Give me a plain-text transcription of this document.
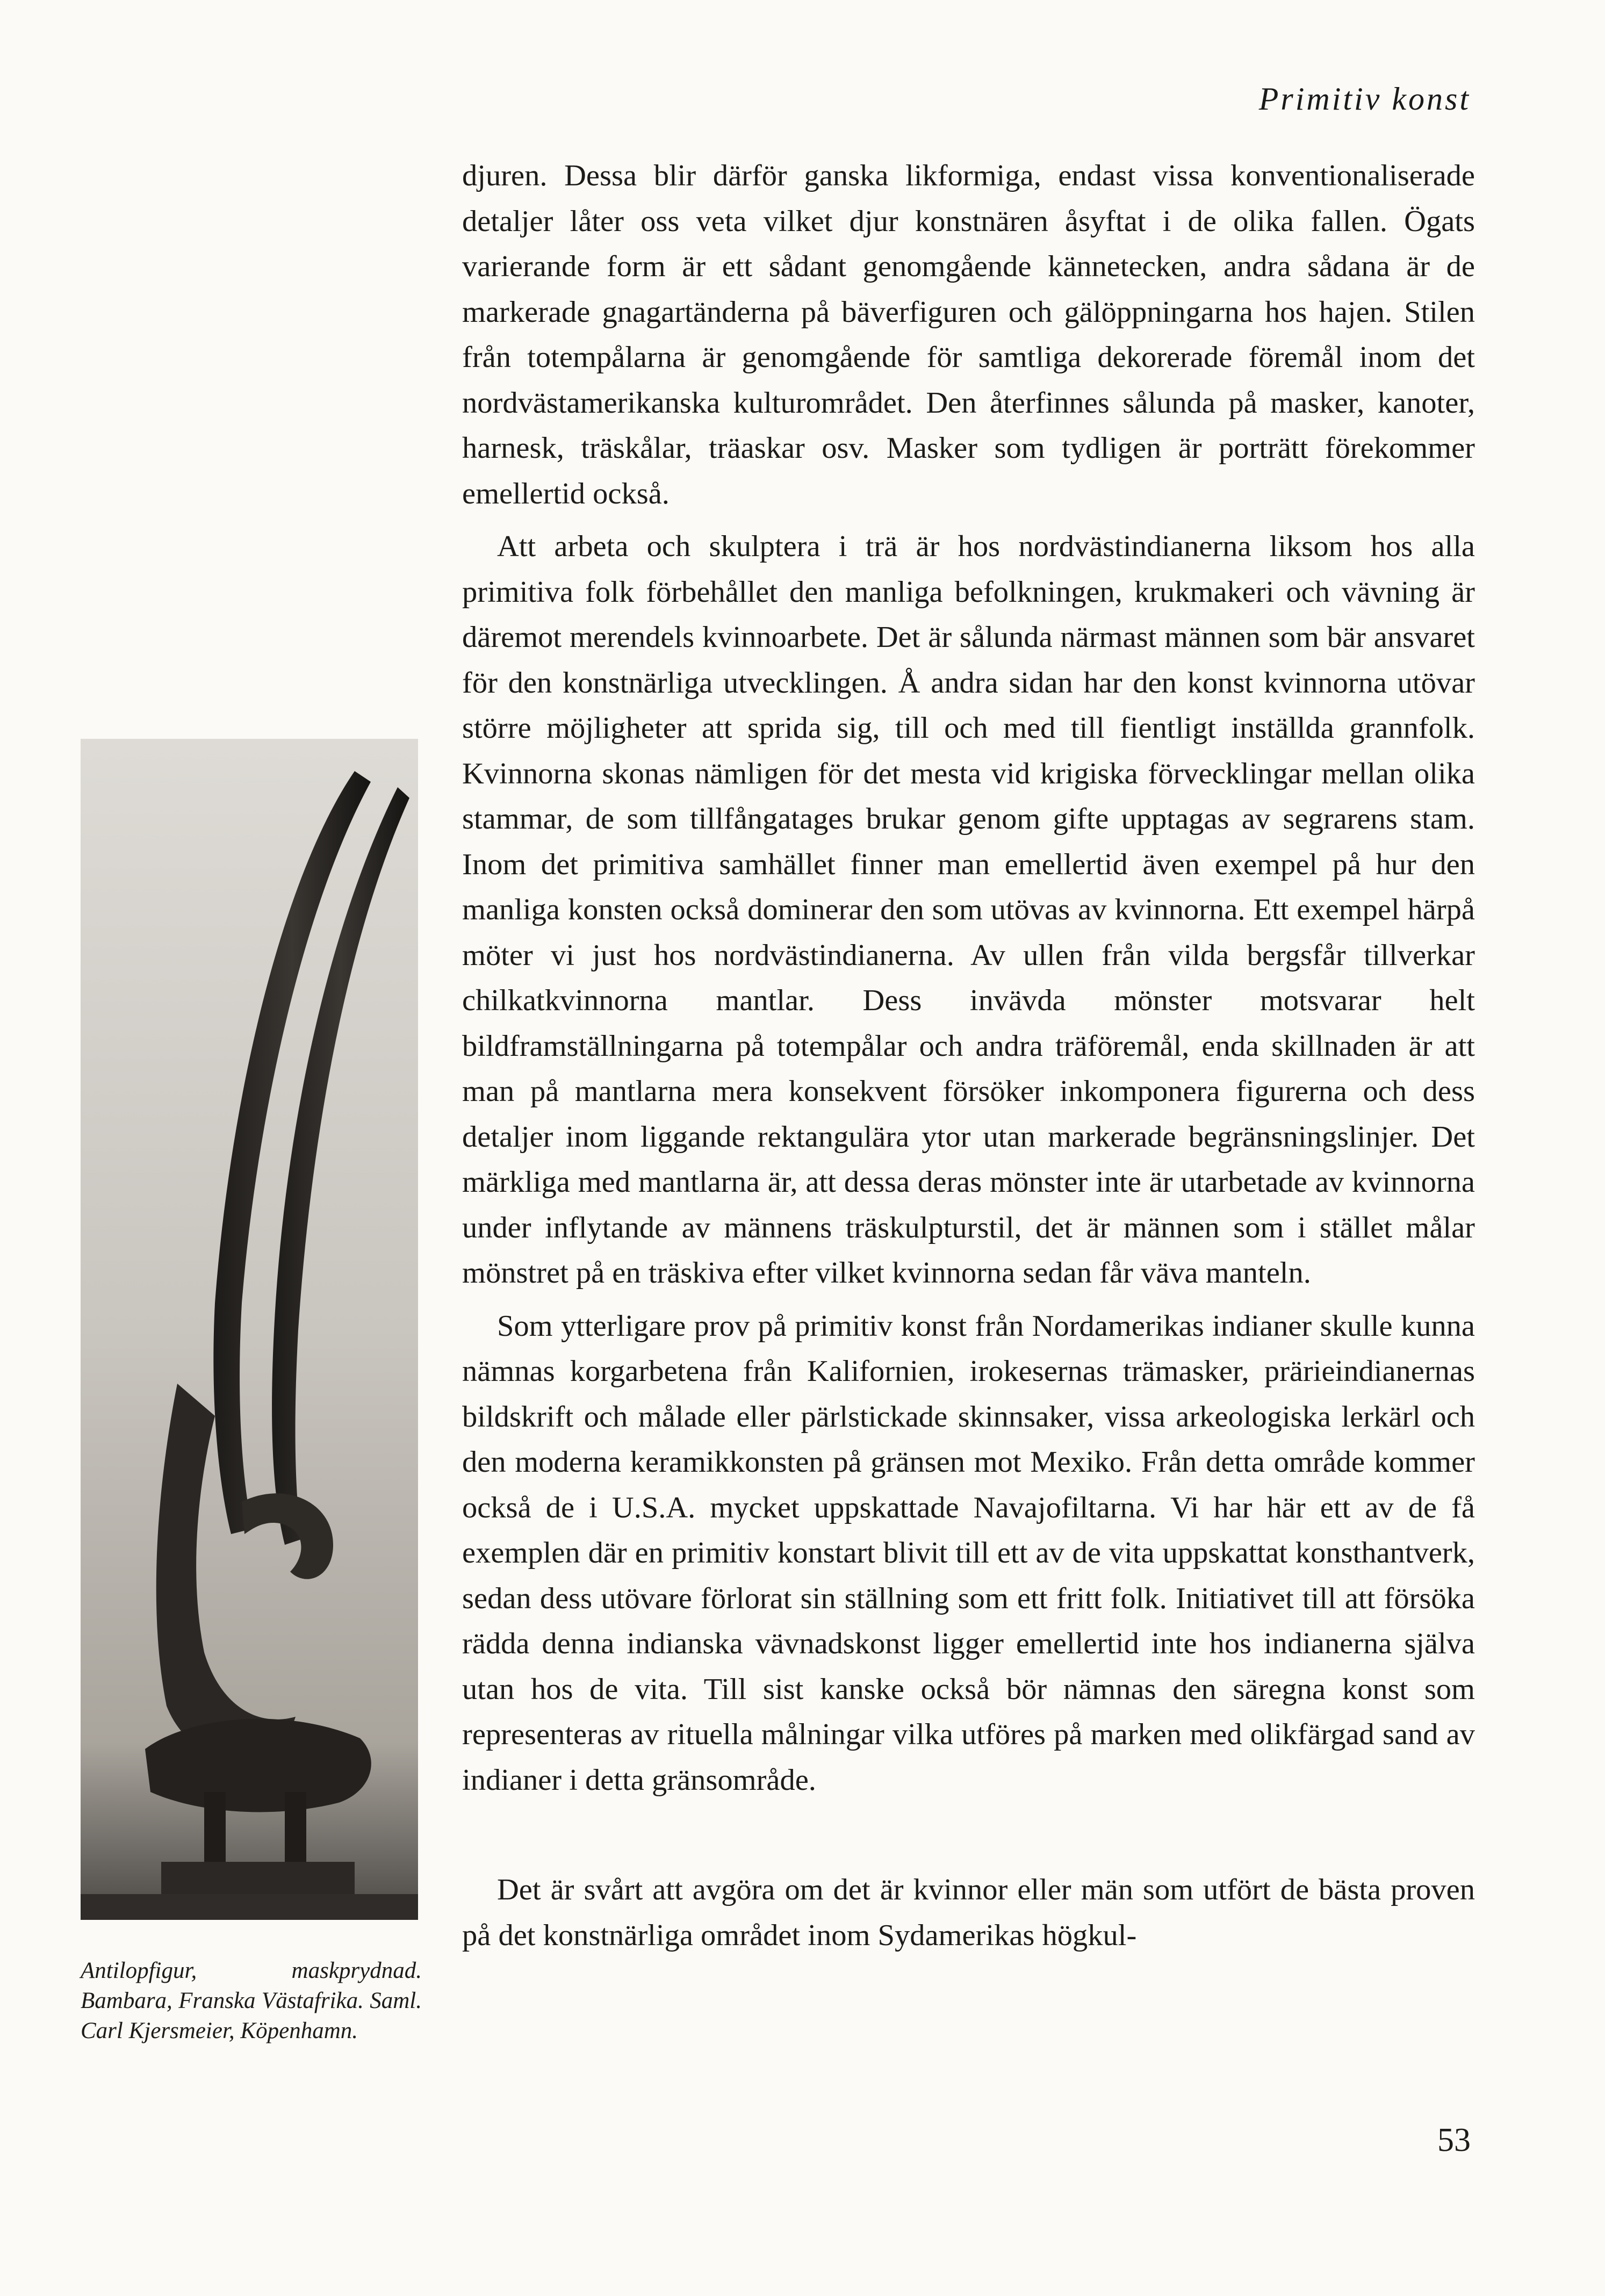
Primitiv konst

djuren. Dessa blir därför ganska likformiga, endast vissa konventionaliserade detaljer låter oss veta vilket djur konstnären åsyftat i de olika fallen. Ögats varierande form är ett sådant genomgående kännetecken, andra sådana är de markerade gnagartänderna på bäverfiguren och gälöppningarna hos hajen. Stilen från totempålarna är genomgående för samtliga dekorerade föremål inom det nordvästamerikanska kulturområdet. Den återfinnes sålunda på masker, kanoter, harnesk, träskålar, träaskar osv. Masker som tydligen är porträtt förekommer emellertid också.

Att arbeta och skulptera i trä är hos nordvästindianerna liksom hos alla primitiva folk förbehållet den manliga befolkningen, krukmakeri och vävning är däremot merendels kvinnoarbete. Det är sålunda närmast männen som bär ansvaret för den konstnärliga utvecklingen. Å andra sidan har den konst kvinnorna utövar större möjligheter att sprida sig, till och med till fientligt inställda grannfolk. Kvinnorna skonas nämligen för det mesta vid krigiska förvecklingar mellan olika stammar, de som tillfångatages brukar genom gifte upptagas av segrarens stam. Inom det primitiva samhället finner man emellertid även exempel på hur den manliga konsten också dominerar den som utövas av kvinnorna. Ett exempel härpå möter vi just hos nordvästindianerna. Av ullen från vilda bergsfår tillverkar chilkatkvinnorna mantlar. Dess invävda mönster motsvarar helt bildframställningarna på totempålar och andra träföremål, enda skillnaden är att man på mantlarna mera konsekvent försöker inkomponera figurerna och dess detaljer inom liggande rektangulära ytor utan markerade begränsningslinjer. Det märkliga med mantlarna är, att dessa deras mönster inte är utarbetade av kvinnorna under inflytande av männens träskulpturstil, det är männen som i stället målar mönstret på en träskiva efter vilket kvinnorna sedan får väva manteln.

Som ytterligare prov på primitiv konst från Nordamerikas indianer skulle kunna nämnas korgarbetena från Kalifornien, irokesernas trämasker, prärieindianernas bildskrift och målade eller pärlstickade skinnsaker, vissa arkeologiska lerkärl och den moderna keramikkonsten på gränsen mot Mexiko. Från detta område kommer också de i U.S.A. mycket uppskattade Navajofiltarna. Vi har här ett av de få exemplen där en primitiv konstart blivit till ett av de vita uppskattat konsthantverk, sedan dess utövare förlorat sin ställning som ett fritt folk. Initiativet till att försöka rädda denna indianska vävnadskonst ligger emellertid inte hos indianerna själva utan hos de vita. Till sist kanske också bör nämnas den säregna konst som representeras av rituella målningar vilka utföres på marken med olikfärgad sand av indianer i detta gränsområde.

Det är svårt att avgöra om det är kvinnor eller män som utfört de bästa proven på det konstnärliga området inom Sydamerikas högkul-

Antilopfigur, maskprydnad. Bambara, Franska Västafrika. Saml. Carl Kjersmeier, Köpenhamn.
53
